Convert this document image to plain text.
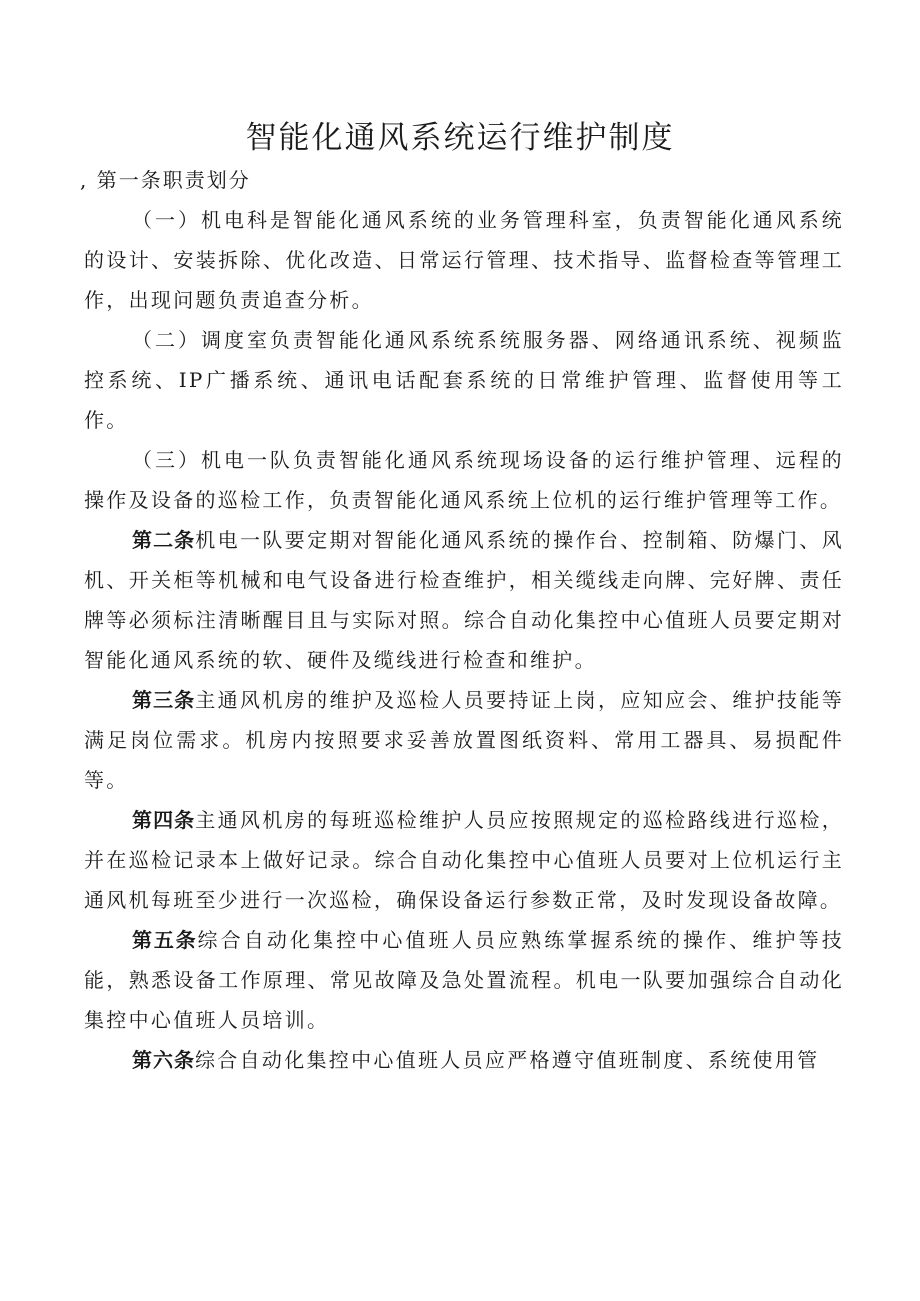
智能化通风系统运行维护制度

, 第一条职责划分

（一）机电科是智能化通风系统的业务管理科室，负责智能化通风系统的设计、安装拆除、优化改造、日常运行管理、技术指导、监督检查等管理工作，出现问题负责追查分析。

（二）调度室负责智能化通风系统系统服务器、网络通讯系统、视频监控系统、IP广播系统、通讯电话配套系统的日常维护管理、监督使用等工作。

（三）机电一队负责智能化通风系统现场设备的运行维护管理、远程的操作及设备的巡检工作，负责智能化通风系统上位机的运行维护管理等工作。

第二条机电一队要定期对智能化通风系统的操作台、控制箱、防爆门、风机、开关柜等机械和电气设备进行检查维护，相关缆线走向牌、完好牌、责任牌等必须标注清晰醒目且与实际对照。综合自动化集控中心值班人员要定期对智能化通风系统的软、硬件及缆线进行检查和维护。

第三条主通风机房的维护及巡检人员要持证上岗，应知应会、维护技能等满足岗位需求。机房内按照要求妥善放置图纸资料、常用工器具、易损配件等。

第四条主通风机房的每班巡检维护人员应按照规定的巡检路线进行巡检，并在巡检记录本上做好记录。综合自动化集控中心值班人员要对上位机运行主通风机每班至少进行一次巡检，确保设备运行参数正常，及时发现设备故障。

第五条综合自动化集控中心值班人员应熟练掌握系统的操作、维护等技能，熟悉设备工作原理、常见故障及急处置流程。机电一队要加强综合自动化集控中心值班人员培训。

第六条综合自动化集控中心值班人员应严格遵守值班制度、系统使用管
